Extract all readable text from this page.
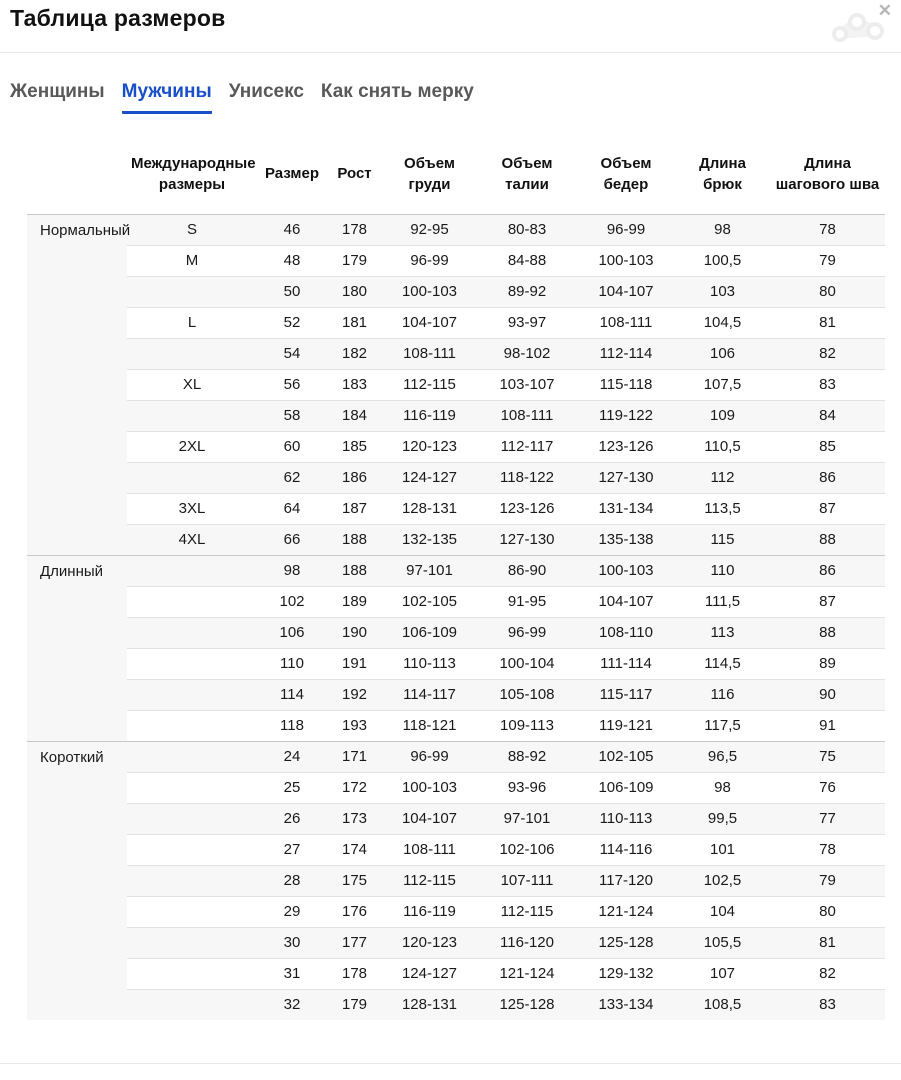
Таблица размеров	✕
Женщины Мужчины Унисекс Как снять мерку
	Международные размеры	Размер	Рост	Объем груди	Объем талии	Объем бедер	Длина брюк	Длина шагового шва
Нормальный	S	46	178	92-95	80-83	96-99	98	78
	M	48	179	96-99	84-88	100-103	100,5	79
		50	180	100-103	89-92	104-107	103	80
	L	52	181	104-107	93-97	108-111	104,5	81
		54	182	108-111	98-102	112-114	106	82
	XL	56	183	112-115	103-107	115-118	107,5	83
		58	184	116-119	108-111	119-122	109	84
	2XL	60	185	120-123	112-117	123-126	110,5	85
		62	186	124-127	118-122	127-130	112	86
	3XL	64	187	128-131	123-126	131-134	113,5	87
	4XL	66	188	132-135	127-130	135-138	115	88
Длинный		98	188	97-101	86-90	100-103	110	86
		102	189	102-105	91-95	104-107	111,5	87
		106	190	106-109	96-99	108-110	113	88
		110	191	110-113	100-104	111-114	114,5	89
		114	192	114-117	105-108	115-117	116	90
		118	193	118-121	109-113	119-121	117,5	91
Короткий		24	171	96-99	88-92	102-105	96,5	75
		25	172	100-103	93-96	106-109	98	76
		26	173	104-107	97-101	110-113	99,5	77
		27	174	108-111	102-106	114-116	101	78
		28	175	112-115	107-111	117-120	102,5	79
		29	176	116-119	112-115	121-124	104	80
		30	177	120-123	116-120	125-128	105,5	81
		31	178	124-127	121-124	129-132	107	82
		32	179	128-131	125-128	133-134	108,5	83
